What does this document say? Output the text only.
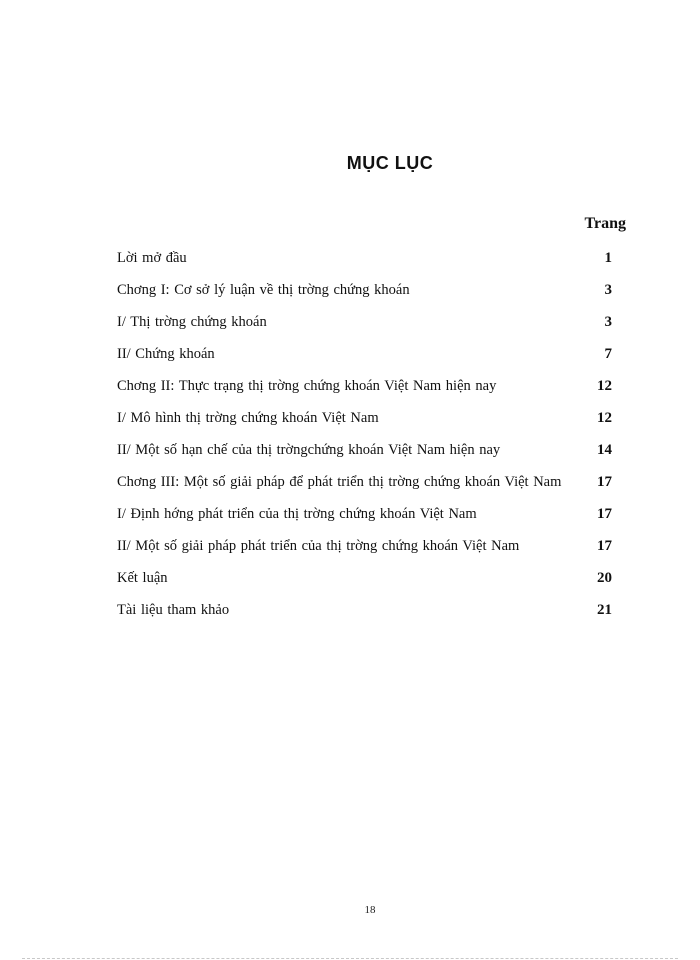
MỤC LỤC
Trang
Lời mở đầu	1
Chơng I: Cơ sở lý luận về thị trờng chứng khoán	3
I/ Thị trờng chứng khoán	3
II/ Chứng khoán	7
Chơng II: Thực trạng thị trờng chứng khoán Việt Nam hiện nay	12
I/ Mô hình thị trờng chứng khoán Việt Nam	12
II/ Một số hạn chế của thị trờngchứng khoán Việt Nam hiện nay	14
Chơng III: Một số giải pháp để phát triển thị trờng chứng khoán Việt Nam	17
I/ Định hớng phát triển của thị trờng chứng khoán Việt Nam	17
II/ Một số giải pháp phát triển của thị trờng chứng khoán Việt Nam	17
Kết luận	20
Tài liệu tham khảo	21
18
